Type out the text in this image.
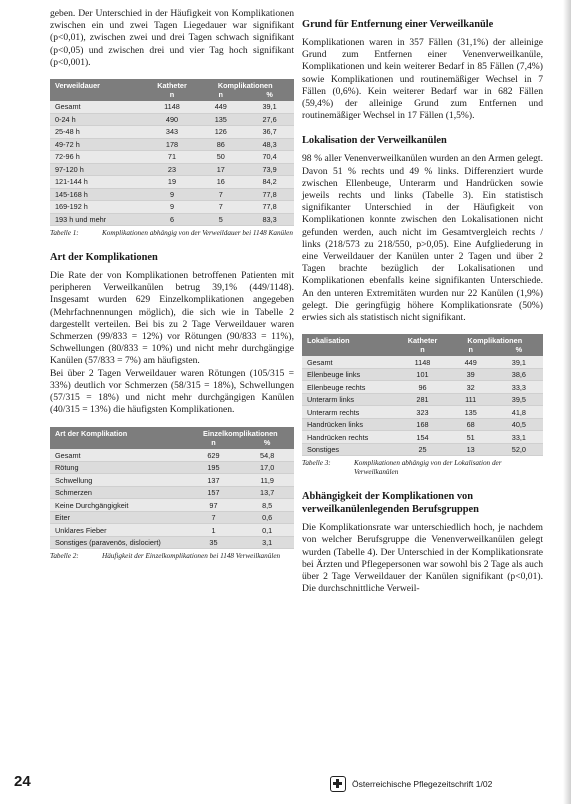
geben. Der Unterschied in der Häufigkeit von Komplikationen zwischen ein und zwei Tagen Liegedauer war signifikant (p<0,01), zwischen zwei und drei Tagen schwach signifikant (p<0,05) und zwischen drei und vier Tag hoch signifikant (p<0,001).

Verweildauer	Katheter	Komplikationen	
	n	n	%
Gesamt	1148	449	39,1
0-24 h	490	135	27,6
25-48 h	343	126	36,7
49-72 h	178	86	48,3
72-96 h	71	50	70,4
97-120 h	23	17	73,9
121-144 h	19	16	84,2
145-168 h	9	7	77,8
169-192 h	9	7	77,8
193 h und mehr	6	5	83,3
Tabelle 1:	Komplikationen abhängig von der Verweildauer bei 1148 Kanülen
Art der Komplikationen

Die Rate der von Komplikationen betroffenen Patienten mit peripheren Verweilkanülen betrug 39,1% (449/1148). Insgesamt wurden 629 Einzelkomplikationen angegeben (Mehrfachnennungen möglich), die sich wie in Tabelle 2 dargestellt verteilen. Bei bis zu 2 Tage Verweildauer waren Schmerzen (99/833 = 12%) vor Rötungen (90/833 = 11%), Schwellungen (80/833 = 10%) und nicht mehr durchgängige Kanülen (57/833 = 7%) am häufigsten.

Bei über 2 Tagen Verweildauer waren Rötungen (105/315 = 33%) deutlich vor Schmerzen (58/315 = 18%), Schwellungen (57/315 = 18%) und nicht mehr durchgängigen Kanülen (40/315 = 13%) die häufigsten Komplikationen.

Art der Komplikation	Einzelkomplikationen	
	n	%
Gesamt	629	54,8
Rötung	195	17,0
Schwellung	137	11,9
Schmerzen	157	13,7
Keine Durchgängigkeit	97	8,5
Eiter	7	0,6
Unklares Fieber	1	0,1
Sonstiges (paravenös, dislociert)	35	3,1
Tabelle 2:	Häufigkeit der Einzelkomplikationen bei 1148 Verweilkanülen
Grund für Entfernung einer Verweilkanüle

Komplikationen waren in 357 Fällen (31,1%) der alleinige Grund zum Entfernen einer Venenverweilkanüle, Komplikationen und kein weiterer Bedarf in 85 Fällen (7,4%) sowie Komplikationen und routinemäßiger Wechsel in 7 Fällen (0,6%). Kein weiterer Bedarf war in 682 Fällen (59,4%) der alleinige Grund zum Entfernen und routinemäßiger Wechsel in 17 Fällen (1,5%).

Lokalisation der Verweilkanülen

98 % aller Venenverweilkanülen wurden an den Armen gelegt. Davon 51 % rechts und 49 % links. Differenziert wurde zwischen Ellenbeuge, Unterarm und Handrücken sowie jeweils rechts und links (Tabelle 3). Ein statistisch signifikanter Unterschied in der Häufigkeit von Komplikationen konnte zwischen den Lokalisationen nicht gefunden werden, auch nicht im Gesamtvergleich rechts / links (218/573 zu 218/550, p>0,05). Eine Aufgliederung in eine Verweildauer der Kanülen unter 2 Tagen und über 2 Tagen brachte bezüglich der Lokalisationen und Komplikationen ebenfalls keine signifikanten Unterschiede. An den unteren Extremitäten wurden nur 22 Kanülen (1,9%) gelegt. Die geringfügig höhere Komplikationsrate (50%) erwies sich als statistisch nicht signifikant.

Lokalisation	Katheter	Komplikationen	
	n	n	%
Gesamt	1148	449	39,1
Ellenbeuge links	101	39	38,6
Ellenbeuge rechts	96	32	33,3
Unterarm links	281	111	39,5
Unterarm rechts	323	135	41,8
Handrücken links	168	68	40,5
Handrücken rechts	154	51	33,1
Sonstiges	25	13	52,0
Tabelle 3:	Komplikationen abhängig von der Lokalisation der Verweilkanülen
Abhängigkeit der Komplikationen von verweilkanülenlegenden Berufsgruppen

Die Komplikationsrate war unterschiedlich hoch, je nachdem von welcher Berufsgruppe die Venenverweilkanülen gelegt wurden (Tabelle 4). Der Unterschied in der Komplikationsrate bei Ärzten und Pflegepersonen war sowohl bis 2 Tage als auch über 2 Tage Verweildauer der Kanülen signifikant (p<0,01). Die durchschnittliche Verweil-

24	Österreichische Pflegezeitschrift 1/02
